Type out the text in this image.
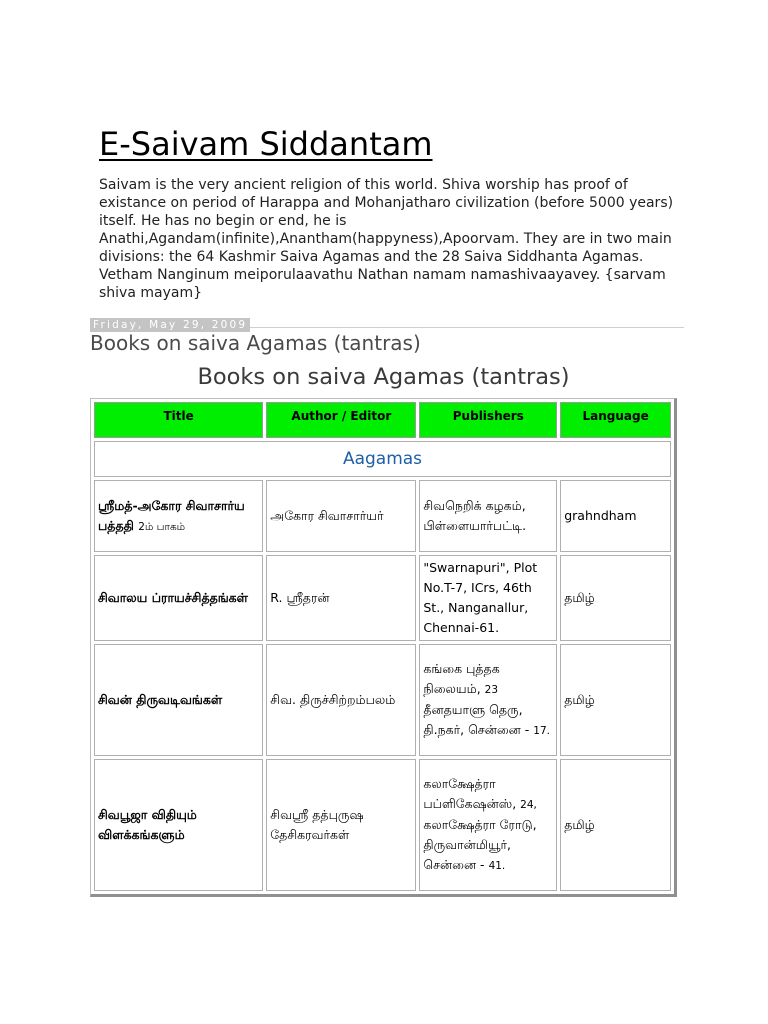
E-Saivam Siddantam

Saivam is the very ancient religion of this world. Shiva worship has proof of existance on period of Harappa and Mohanjatharo civilization (before 5000 years) itself. He has no begin or end, he is Anathi,Agandam(infinite),Anantham(happyness),Apoorvam. They are in two main divisions: the 64 Kashmir Saiva Agamas and the 28 Saiva Siddhanta Agamas. Vetham Nanginum meiporulaavathu Nathan namam namashivaayavey. {sarvam shiva mayam}

Friday, May 29, 2009
Books on saiva Agamas (tantras)
Books on saiva Agamas (tantras)
Title	Author / Editor	Publishers	Language
Aagamas			
ஸ்ரீமத்-அகோர சிவாசார்ய பத்ததி 2ம் பாகம்	அகோர சிவாசார்யர்	சிவநெறிக் கழகம், பிள்ளையார்பட்டி.	grahndham
சிவாலய ப்ராயச்சித்தங்கள்	R. ஸ்ரீதரன்	"Swarnapuri", Plot No.T-7, ICrs, 46th St., Nanganallur, Chennai-61.	தமிழ்
சிவன் திருவடிவங்கள்	சிவ. திருச்சிற்றம்பலம்	கங்கை புத்தக நிலையம், 23 தீனதயாளு தெரு, தி.நகர், சென்னை - 17.	தமிழ்
சிவபூஜா விதியும் விளக்கங்களும்	சிவஸ்ரீ தத்புருஷ தேசிகரவர்கள்	கலாக்ஷேத்ரா பப்ளிகேஷன்ஸ், 24, கலாக்ஷேத்ரா ரோடு, திருவான்மியூர், சென்னை - 41.	தமிழ்
